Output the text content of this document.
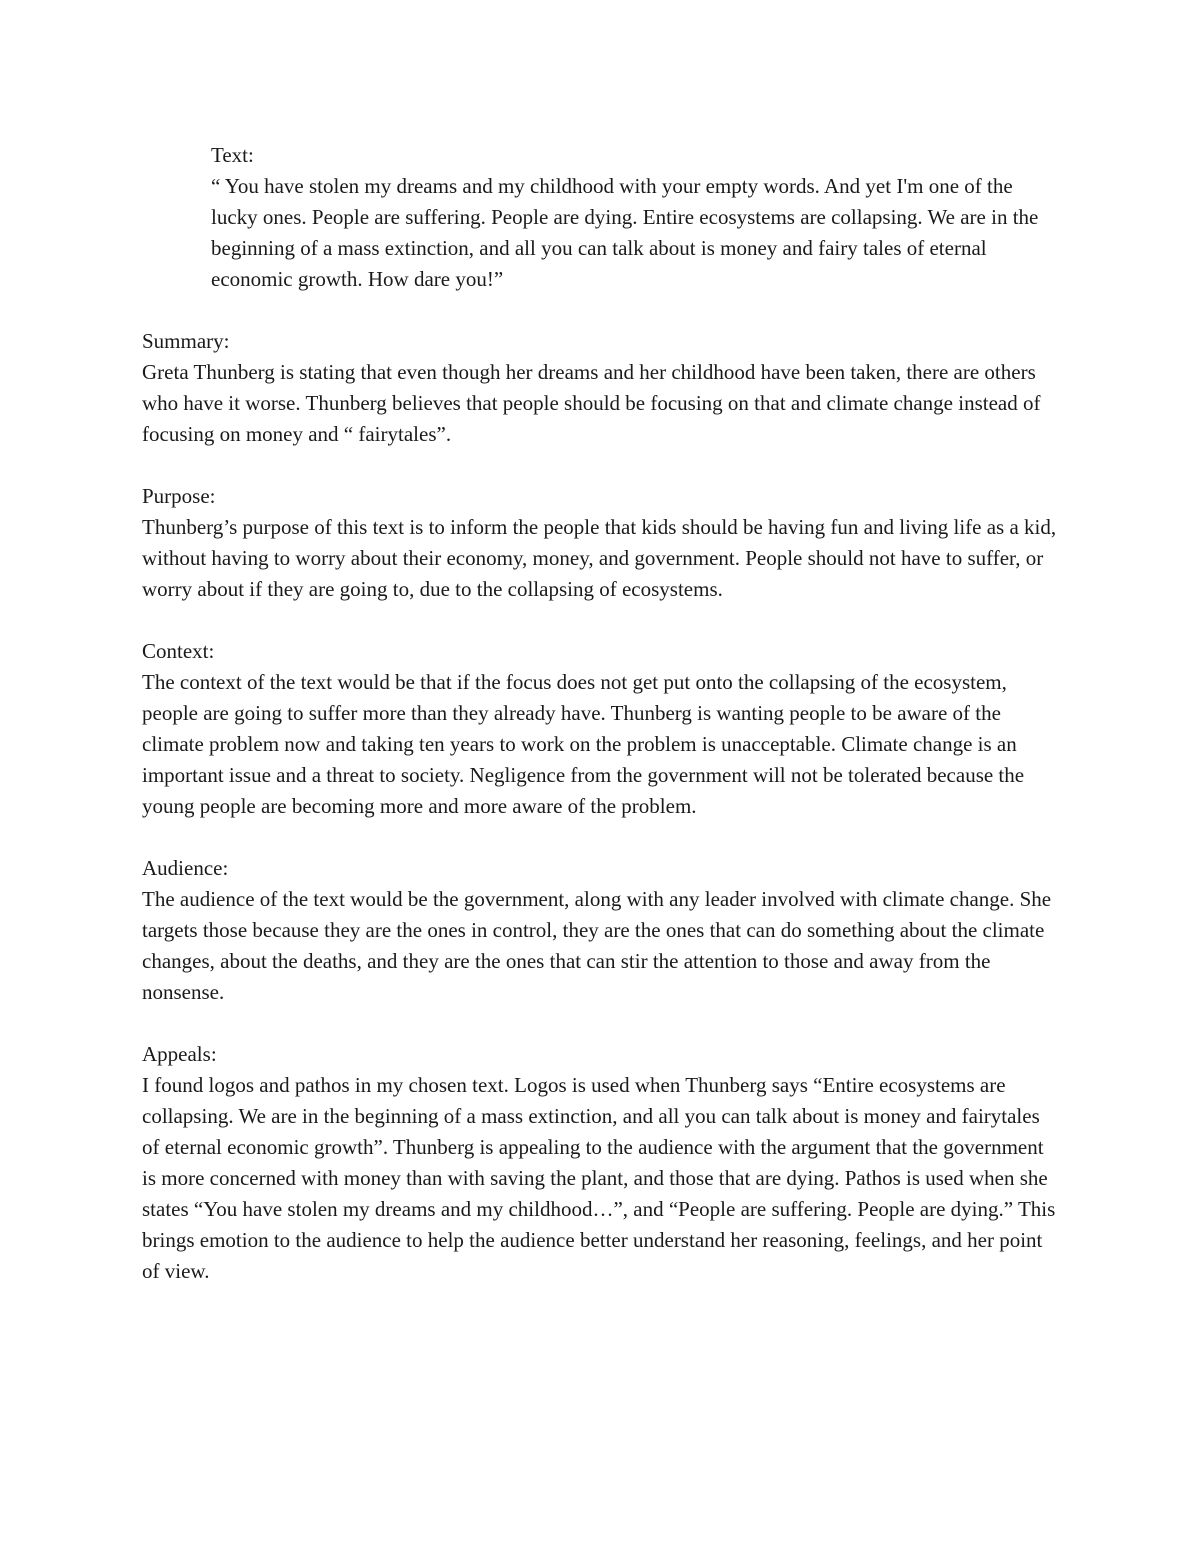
Text:

“ You have stolen my dreams and my childhood with your empty words. And yet I'm one of the lucky ones. People are suffering. People are dying. Entire ecosystems are collapsing. We are in the beginning of a mass extinction, and all you can talk about is money and fairy tales of eternal economic growth. How dare you!”

Summary:

Greta Thunberg is stating that even though her dreams and her childhood have been taken, there are others who have it worse. Thunberg believes that people should be focusing on that and climate change instead of focusing on money and “ fairytales”.

Purpose:

Thunberg’s purpose of this text is to inform the people that kids should be having fun and living life as a kid, without having to worry about their economy, money, and government. People should not have to suffer, or worry about if they are going to, due to the collapsing of ecosystems.

Context:

The context of the text would be that if the focus does not get put onto the collapsing of the ecosystem, people are going to suffer more than they already have. Thunberg is wanting people to be aware of the climate problem now and taking ten years to work on the problem is unacceptable. Climate change is an important issue and a threat to society. Negligence from the government will not be tolerated because the young people are becoming more and more aware of the problem.

Audience:

The audience of the text would be the government, along with any leader involved with climate change. She targets those because they are the ones in control, they are the ones that can do something about the climate changes, about the deaths, and they are the ones that can stir the attention to those and away from the nonsense.

Appeals:

I found logos and pathos in my chosen text. Logos is used when Thunberg says “Entire ecosystems are collapsing. We are in the beginning of a mass extinction, and all you can talk about is money and fairytales of eternal economic growth”. Thunberg is appealing to the audience with the argument that the government is more concerned with money than with saving the plant, and those that are dying. Pathos is used when she states “You have stolen my dreams and my childhood…”, and “People are suffering. People are dying.” This brings emotion to the audience to help the audience better understand her reasoning, feelings, and her point of view.
